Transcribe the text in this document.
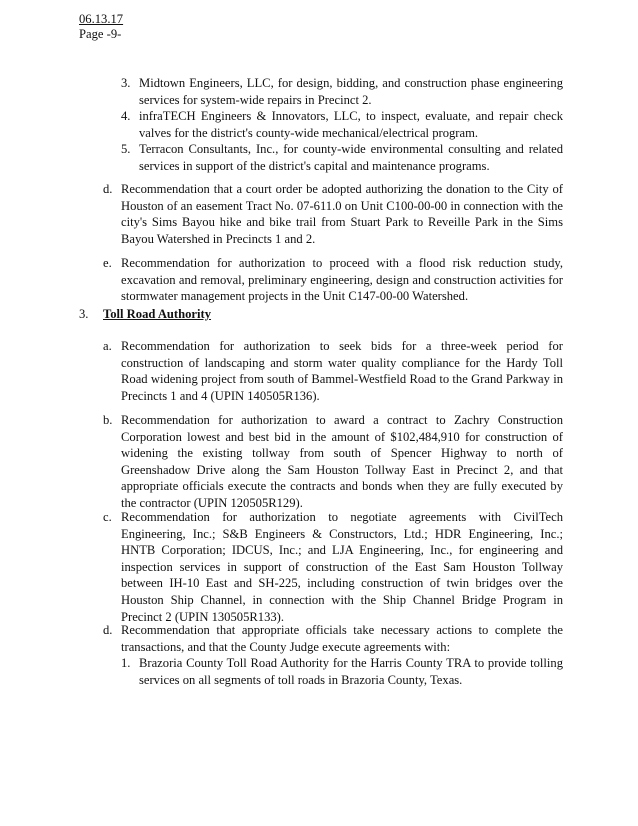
06.13.17
Page -9-
3. Midtown Engineers, LLC, for design, bidding, and construction phase engineering services for system-wide repairs in Precinct 2.
4. infraTECH Engineers & Innovators, LLC, to inspect, evaluate, and repair check valves for the district's county-wide mechanical/electrical program.
5. Terracon Consultants, Inc., for county-wide environmental consulting and related services in support of the district's capital and maintenance programs.
d. Recommendation that a court order be adopted authorizing the donation to the City of Houston of an easement Tract No. 07-611.0 on Unit C100-00-00 in connection with the city's Sims Bayou hike and bike trail from Stuart Park to Reveille Park in the Sims Bayou Watershed in Precincts 1 and 2.
e. Recommendation for authorization to proceed with a flood risk reduction study, excavation and removal, preliminary engineering, design and construction activities for stormwater management projects in the Unit C147-00-00 Watershed.
3. Toll Road Authority
a. Recommendation for authorization to seek bids for a three-week period for construction of landscaping and storm water quality compliance for the Hardy Toll Road widening project from south of Bammel-Westfield Road to the Grand Parkway in Precincts 1 and 4 (UPIN 140505R136).
b. Recommendation for authorization to award a contract to Zachry Construction Corporation lowest and best bid in the amount of $102,484,910 for construction of widening the existing tollway from south of Spencer Highway to north of Greenshadow Drive along the Sam Houston Tollway East in Precinct 2, and that appropriate officials execute the contracts and bonds when they are fully executed by the contractor (UPIN 120505R129).
c. Recommendation for authorization to negotiate agreements with CivilTech Engineering, Inc.; S&B Engineers & Constructors, Ltd.; HDR Engineering, Inc.; HNTB Corporation; IDCUS, Inc.; and LJA Engineering, Inc., for engineering and inspection services in support of construction of the East Sam Houston Tollway between IH-10 East and SH-225, including construction of twin bridges over the Houston Ship Channel, in connection with the Ship Channel Bridge Program in Precinct 2 (UPIN 130505R133).
d. Recommendation that appropriate officials take necessary actions to complete the transactions, and that the County Judge execute agreements with:
1. Brazoria County Toll Road Authority for the Harris County TRA to provide tolling services on all segments of toll roads in Brazoria County, Texas.
